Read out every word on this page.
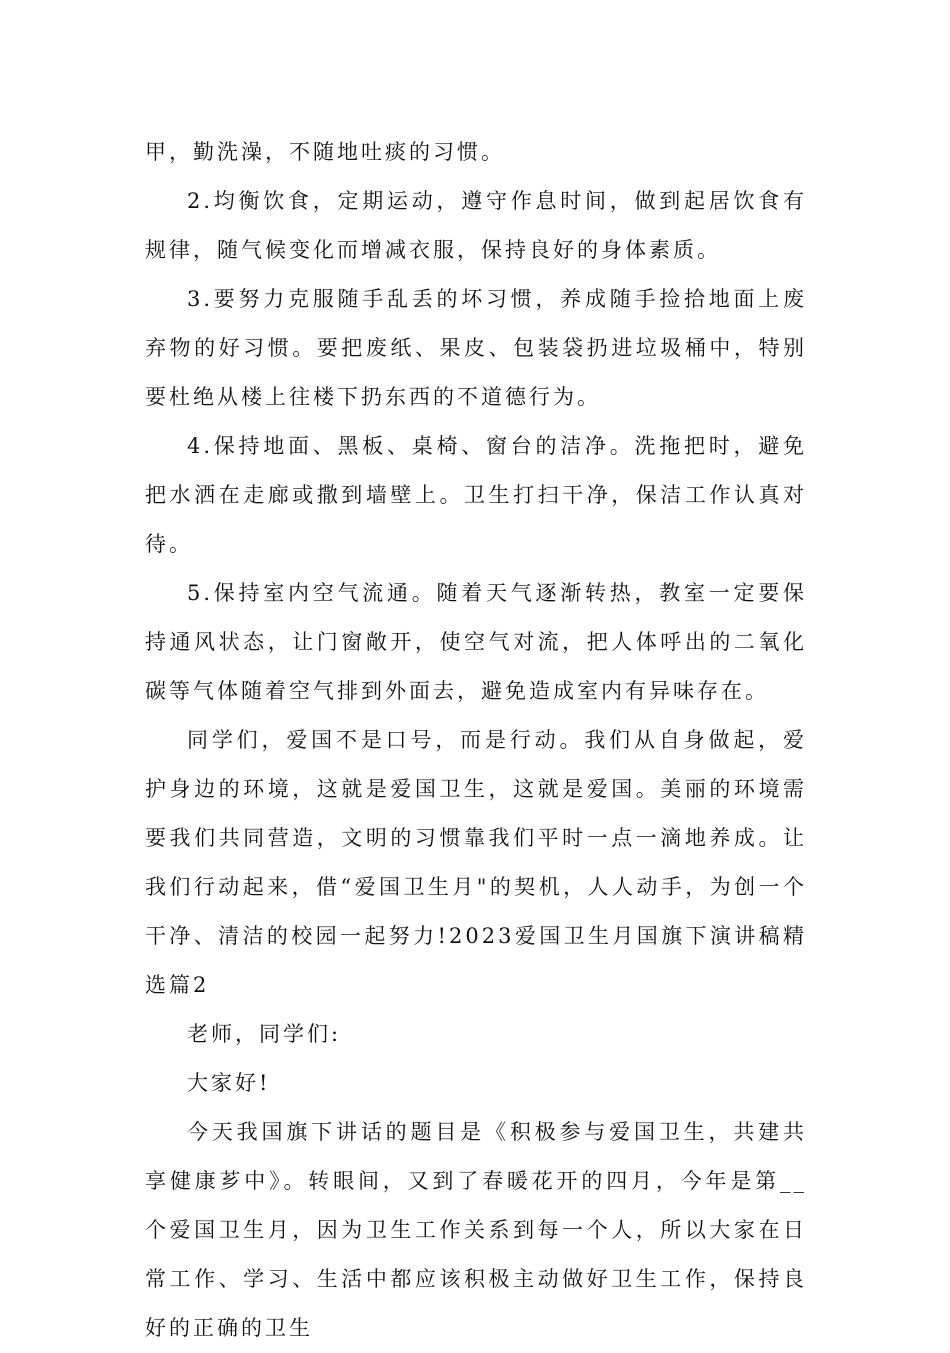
甲，勤洗澡，不随地吐痰的习惯。

2.均衡饮食，定期运动，遵守作息时间，做到起居饮食有规律，随气候变化而增减衣服，保持良好的身体素质。

3.要努力克服随手乱丢的坏习惯，养成随手捡拾地面上废弃物的好习惯。要把废纸、果皮、包装袋扔进垃圾桶中，特别要杜绝从楼上往楼下扔东西的不道德行为。

4.保持地面、黑板、桌椅、窗台的洁净。洗拖把时，避免把水洒在走廊或撒到墙壁上。卫生打扫干净，保洁工作认真对待。

5.保持室内空气流通。随着天气逐渐转热，教室一定要保持通风状态，让门窗敞开，使空气对流，把人体呼出的二氧化碳等气体随着空气排到外面去，避免造成室内有异味存在。

同学们，爱国不是口号，而是行动。我们从自身做起，爱护身边的环境，这就是爱国卫生，这就是爱国。美丽的环境需要我们共同营造，文明的习惯靠我们平时一点一滴地养成。让我们行动起来，借“爱国卫生月"的契机，人人动手，为创一个干净、清洁的校园一起努力!2023爱国卫生月国旗下演讲稿精选篇2

老师，同学们:

大家好!

今天我国旗下讲话的题目是《积极参与爱国卫生，共建共享健康芗中》。转眼间，又到了春暖花开的四月，今年是第__个爱国卫生月，因为卫生工作关系到每一个人，所以大家在日常工作、学习、生活中都应该积极主动做好卫生工作，保持良好的正确的卫生
